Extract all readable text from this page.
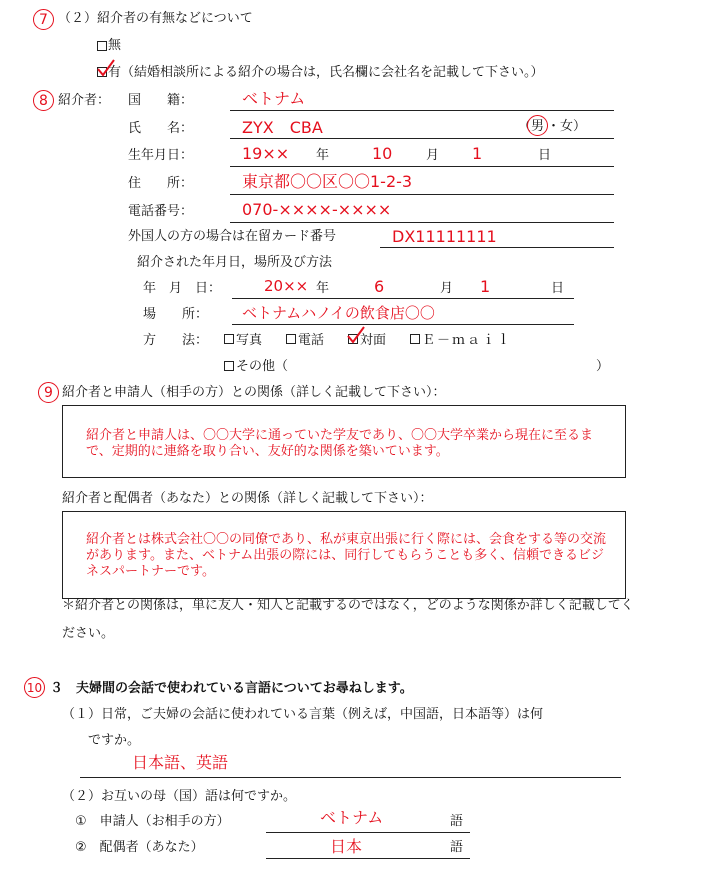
7 （２）紹介者の有無などについて
無
有（結婚相談所による紹介の場合は，氏名欄に会社名を記載して下さい。）
8 紹介者： 国　　籍：	ベトナム
氏　　名：	ZYX　CBA	（ 男 ・女）
生年月日：	19×× 年	10	月 1	日
住　　所：	東京都〇〇区〇〇1-2-3
電話番号：	070-××××-××××
外国人の方の場合は在留カード番号	DX11111111
紹介された年月日，場所及び方法
年　月　日：	20×× 年	6	月 1	日
場　　所： ベトナムハノイの飲食店〇〇
方　　法： 写真	電話	対面	Ｅ－ｍａｉｌ
その他（	）
9 紹介者と申請人（相手の方）との関係（詳しく記載して下さい）：
紹介者と申請人は、〇〇大学に通っていた学友であり、〇〇大学卒業から現在に至るまで、定期的に連絡を取り合い、友好的な関係を築いています。
紹介者と配偶者（あなた）との関係（詳しく記載して下さい）：
紹介者とは株式会社〇〇の同僚であり、私が東京出張に行く際には、会食をする等の交流があります。また、ベトナム出張の際には、同行してもらうことも多く、信頼できるビジネスパートナーです。
＊紹介者との関係は，単に友人・知人と記載するのではなく，どのような関係か詳しく記載してください。
10 ３　夫婦間の会話で使われている言語についてお尋ねします。
（１）日常，ご夫婦の会話に使われている言葉（例えば，中国語，日本語等）は何
ですか。
日本語、英語
（２）お互いの母（国）語は何ですか。
①　申請人（お相手の方）	ベトナム	語
②　配偶者（あなた）	日本	語
